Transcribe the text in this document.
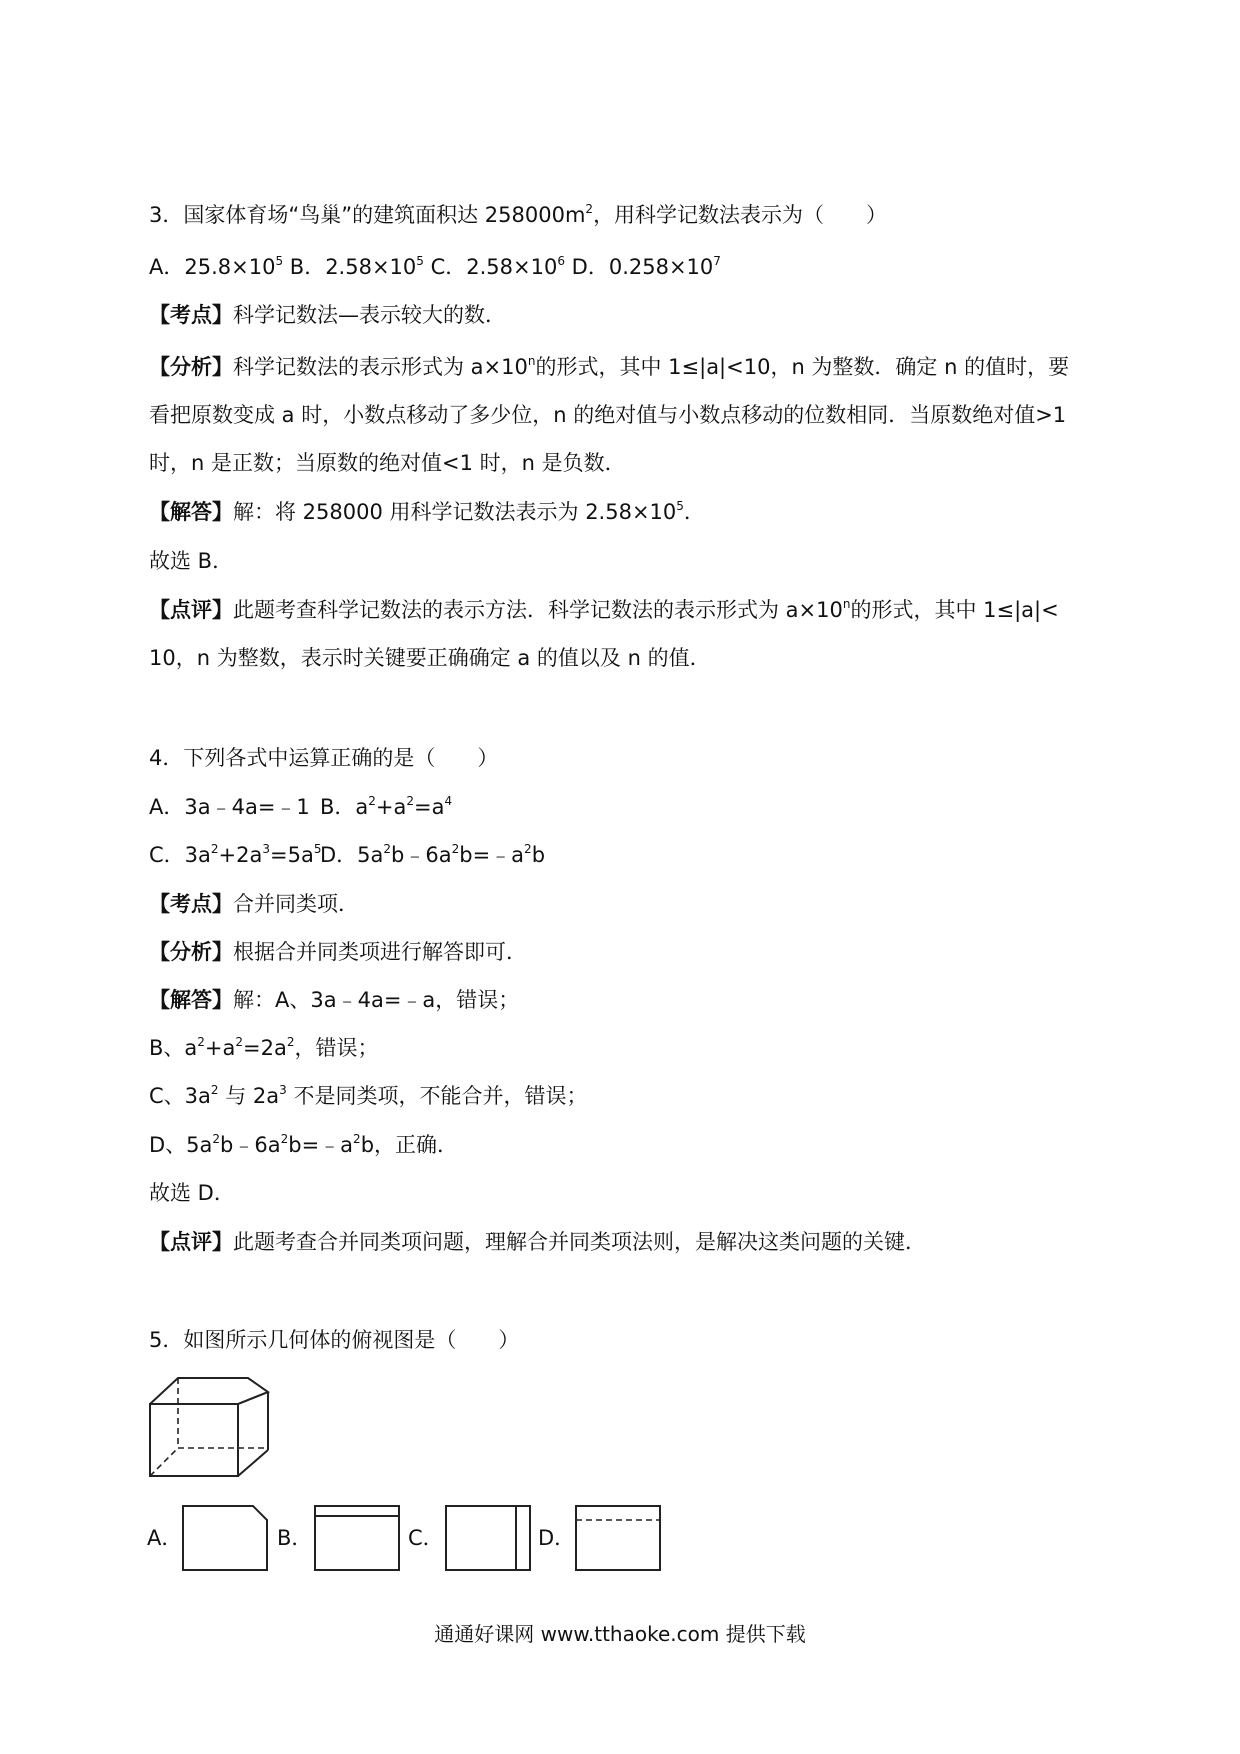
3．国家体育场“鸟巢”的建筑面积达 $258000m^2$，用科学记数法表示为（　　）
A．$25.8\times 10^5$ B．$2.58\times 10^5$ C．$2.58\times 10^6$ D．$0.258\times 10^7$
【考点】科学记数法—表示较大的数．
【分析】科学记数法的表示形式为 $a\times 10^n$的形式，其中 1≤|a|<10，n 为整数．确定 n 的值时，要
看把原数变成 a 时，小数点移动了多少位，n 的绝对值与小数点移动的位数相同．当原数绝对值>1
时，n 是正数；当原数的绝对值<1 时，n 是负数．
【解答】解：将 258000 用科学记数法表示为 $2.58\times 10^5$．
故选 B．
【点评】此题考查科学记数法的表示方法．科学记数法的表示形式为 $a\times 10^n$的形式，其中 1≤|a|<
10，n 为整数，表示时关键要正确确定 a 的值以及 n 的值．
4．下列各式中运算正确的是（　　）
A．3a﹣4a=﹣1 B．$a^2+a^2=a^4$
C．$3a^2+2a^3=5a^5$
D．$5a^2b﹣6a^2b=﹣a^2b$
【考点】合并同类项．
【分析】根据合并同类项进行解答即可．
【解答】解：A、3a﹣4a=﹣a，错误；
B、$a^2+a^2=2a^2$，错误；
C、$3a^2$ 与 $2a^3$ 不是同类项，不能合并，错误；
D、$5a^2b﹣6a^2b=﹣a^2b$，正确．
故选 D．
【点评】此题考查合并同类项问题，理解合并同类项法则，是解决这类问题的关键．
5．如图所示几何体的俯视图是（　　）
A．	B．	C．	D．
通通好课网 www.tthaoke.com 提供下载
